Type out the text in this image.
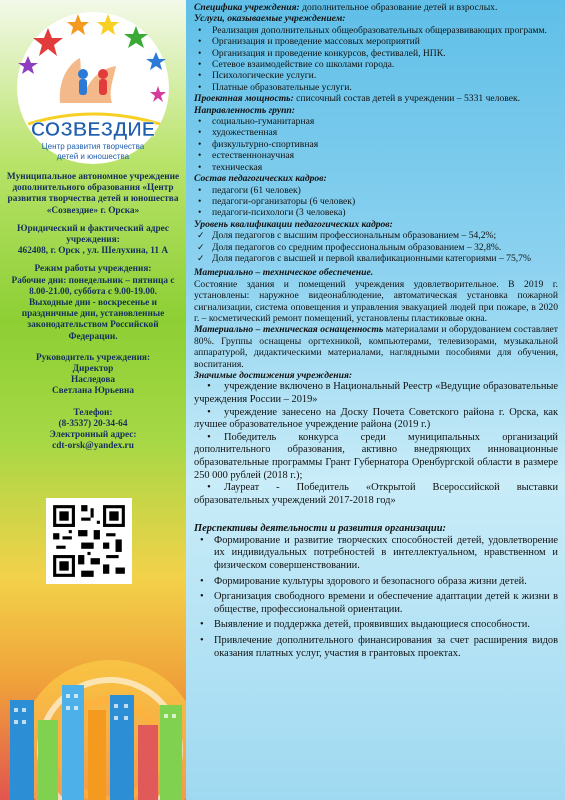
СОЗВЕЗДИЕ
Центр развития творчества
детей и юношества

Муниципальное автономное учреждение дополнительного образования «Центр развития творчества детей и юношества «Созвездие» г. Орска»

Юридический и фактический адрес учреждения:
462408, г. Орск , ул. Шелухина, 11 А

Режим работы учреждения:
Рабочие дни: понедельник – пятница с 8.00-21.00, суббота с 9.00-19.00.
Выходные дни - воскресенье и праздничные дни, установленные законодательством Российской Федерации.

Руководитель учреждения:
Директор
Наследова
Светлана Юрьевна

Телефон:
(8-3537) 20-34-64
Электронный адрес:
cdt-orsk@yandex.ru

Специфика учреждения: дополнительное образование детей и взрослых.
Услуги, оказываемые учреждением:
• Реализация дополнительных общеобразовательных общеразвивающих программ.
• Организация и проведение массовых мероприятий
• Организация и проведение конкурсов, фестивалей, НПК.
• Сетевое взаимодействие со школами города.
• Психологические услуги.
• Платные образовательные услуги.
Проектная мощность: списочный состав детей в учреждении – 5331 человек.
Направленность групп:
• социально-гуманитарная
• художественная
• физкультурно-спортивная
• естественнонаучная
• техническая
Состав педагогических кадров:
• педагоги (61 человек)
• педагоги-организаторы (6 человек)
• педагоги-психологи (3 человека)
Уровень квалификации педагогических кадров:
✓ Доля педагогов с высшим профессиональным образованием – 54,2%;
✓ Доля педагогов со средним профессиональным образованием – 32,8%.
✓ Доля педагогов с высшей и первой квалификационными категориями – 75,7%
Материально – техническое обеспечение.
Состояние здания и помещений учреждения удовлетворительное. В 2019 г. установлены: наружное видеонаблюдение, автоматическая установка пожарной сигнализации, система оповещения и управления эвакуацией людей при пожаре, в 2020 г. – косметический ремонт помещений, установлены пластиковые окна.
Материально – техническая оснащенность материалами и оборудованием составляет 80%. Группы оснащены оргтехникой, компьютерами, телевизорами, музыкальной аппаратурой, дидактическими материалами, наглядными пособиями для обучения, воспитания.
Значимые достижения учреждения:
• учреждение включено в Национальный Реестр «Ведущие образовательные учреждения России – 2019»
• учреждение занесено на Доску Почета Советского района г. Орска, как лучшее образовательное учреждение района (2019 г.)
• Победитель конкурса среди муниципальных организаций дополнительного образования, активно внедряющих инновационные образовательные программы Грант Губернатора Оренбургской области в размере 250 000 рублей (2018 г.);
• Лауреат - Победитель «Открытой Всероссийской выставки образовательных учреждений 2017-2018 год»
Перспективы деятельности и развития организации:
• Формирование и развитие творческих способностей детей, удовлетворение их индивидуальных потребностей в интеллектуальном, нравственном и физическом совершенствовании.
• Формирование культуры здорового и безопасного образа жизни детей.
• Организация свободного времени и обеспечение адаптации детей к жизни в обществе, профессиональной ориентации.
• Выявление и поддержка детей, проявивших выдающиеся способности.
• Привлечение дополнительного финансирования за счет расширения видов оказания платных услуг, участия в грантовых проектах.
